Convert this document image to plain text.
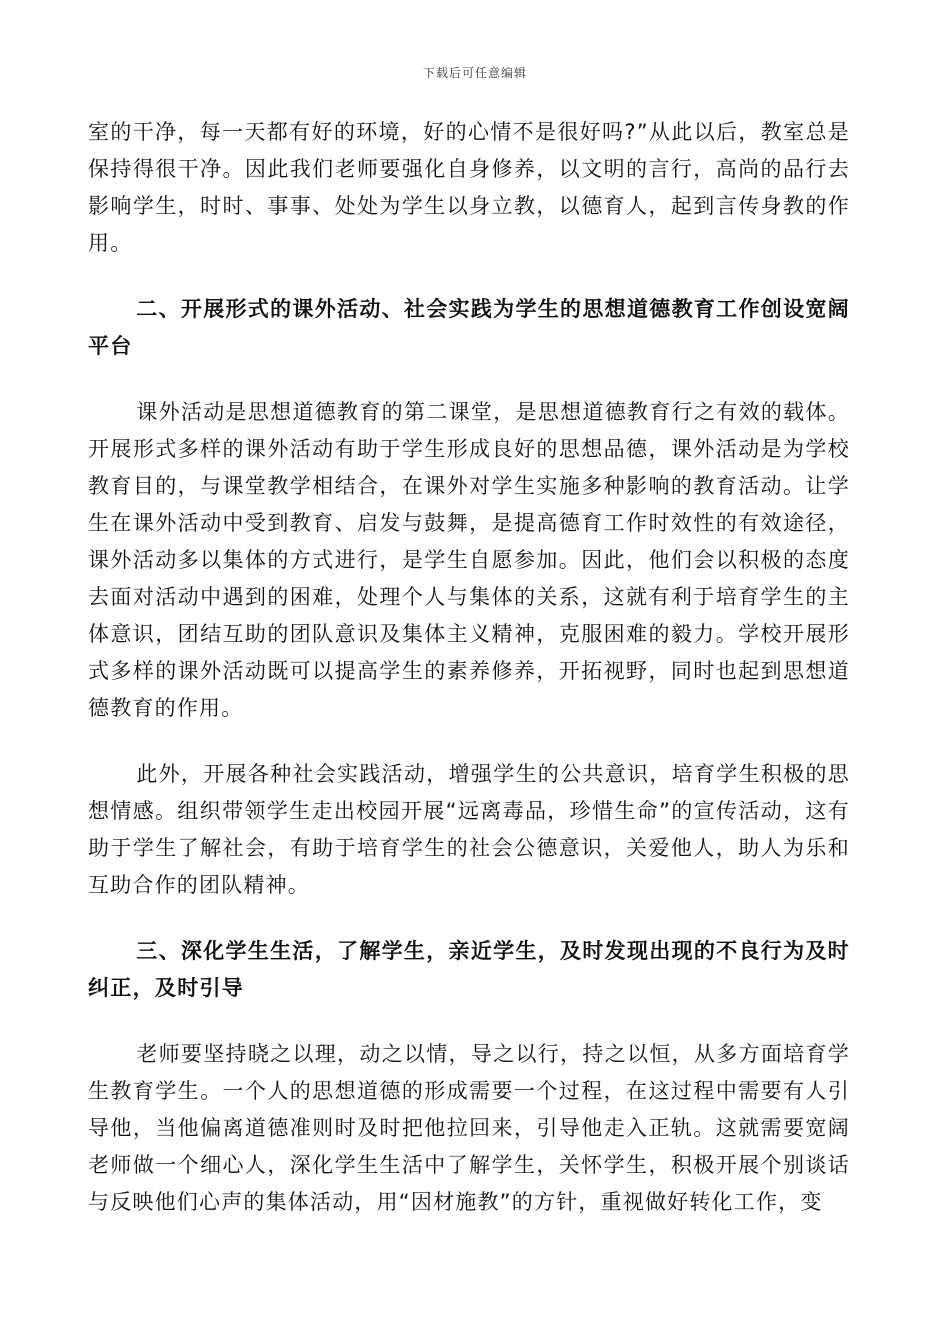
下载后可任意编辑

室的干净，每一天都有好的环境，好的心情不是很好吗?”从此以后，教室总是保持得很干净。因此我们老师要强化自身修养，以文明的言行，高尚的品行去影响学生，时时、事事、处处为学生以身立教，以德育人，起到言传身教的作用。

二、开展形式的课外活动、社会实践为学生的思想道德教育工作创设宽阔平台

课外活动是思想道德教育的第二课堂，是思想道德教育行之有效的载体。开展形式多样的课外活动有助于学生形成良好的思想品德，课外活动是为学校教育目的，与课堂教学相结合，在课外对学生实施多种影响的教育活动。让学生在课外活动中受到教育、启发与鼓舞，是提高德育工作时效性的有效途径，课外活动多以集体的方式进行，是学生自愿参加。因此，他们会以积极的态度去面对活动中遇到的困难，处理个人与集体的关系，这就有利于培育学生的主体意识，团结互助的团队意识及集体主义精神，克服困难的毅力。学校开展形式多样的课外活动既可以提高学生的素养修养，开拓视野，同时也起到思想道德教育的作用。

此外，开展各种社会实践活动，增强学生的公共意识，培育学生积极的思想情感。组织带领学生走出校园开展“远离毒品，珍惜生命”的宣传活动，这有助于学生了解社会，有助于培育学生的社会公德意识，关爱他人，助人为乐和互助合作的团队精神。

三、深化学生生活，了解学生，亲近学生，及时发现出现的不良行为及时纠正，及时引导

老师要坚持晓之以理，动之以情，导之以行，持之以恒，从多方面培育学生教育学生。一个人的思想道德的形成需要一个过程，在这过程中需要有人引导他，当他偏离道德准则时及时把他拉回来，引导他走入正轨。这就需要宽阔老师做一个细心人，深化学生生活中了解学生，关怀学生，积极开展个别谈话与反映他们心声的集体活动，用“因材施教”的方针，重视做好转化工作，变
